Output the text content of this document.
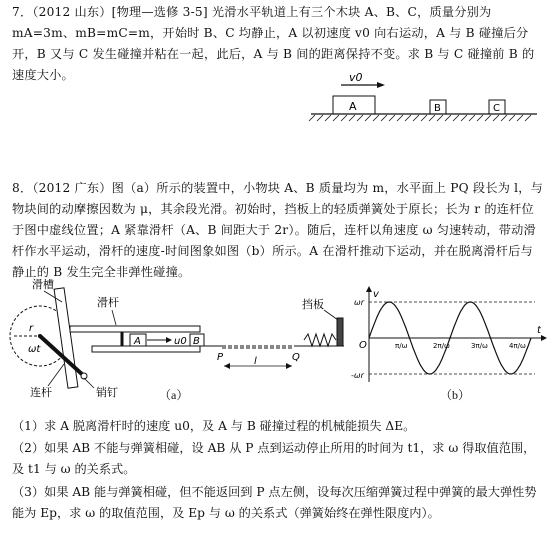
7．（2012 山东）[物理—选修 3-5] 光滑水平轨道上有三个木块 A、B、C，质量分别为 mA=3m、mB=mC=m，开始时 B、C 均静止，A 以初速度 v0 向右运动，A 与 B 碰撞后分开，B 又与 C 发生碰撞并粘在一起，此后，A 与 B 间的距离保持不变。求 B 与 C 碰撞前 B 的速度大小。	v0
A	B	C
8．（2012 广东）图（a）所示的装置中，小物块 A、B 质量均为 m，水平面上 PQ 段长为 l，与物块间的动摩擦因数为 μ，其余段光滑。初始时，挡板上的轻质弹簧处于原长；长为 r 的连杆位于图中虚线位置；A 紧靠滑杆（A、B 间距大于 2r）。随后，连杆以角速度 ω 匀速转动，带动滑杆作水平运动，滑杆的速度-时间图象如图（b）所示。A 在滑杆推动下运动，并在脱离滑杆后与静止的 B 发生完全非弹性碰撞。
滑槽
r
ωt
连杆	销钉
滑杆
A	u0 B
P	Q
l
挡板
（a）
v
t
O
ωr
-ωr
π/ω	2π/ω	3π/ω	4π/ω
（b）
（1）求 A 脱离滑杆时的速度 u0，及 A 与 B 碰撞过程的机械能损失 ΔE。
（2）如果 AB 不能与弹簧相碰，设 AB 从 P 点到运动停止所用的时间为 t1，求 ω 得取值范围，及 t1 与 ω 的关系式。
（3）如果 AB 能与弹簧相碰，但不能返回到 P 点左侧，设每次压缩弹簧过程中弹簧的最大弹性势能为 Ep，求 ω 的取值范围，及 Ep 与 ω 的关系式（弹簧始终在弹性限度内）。
